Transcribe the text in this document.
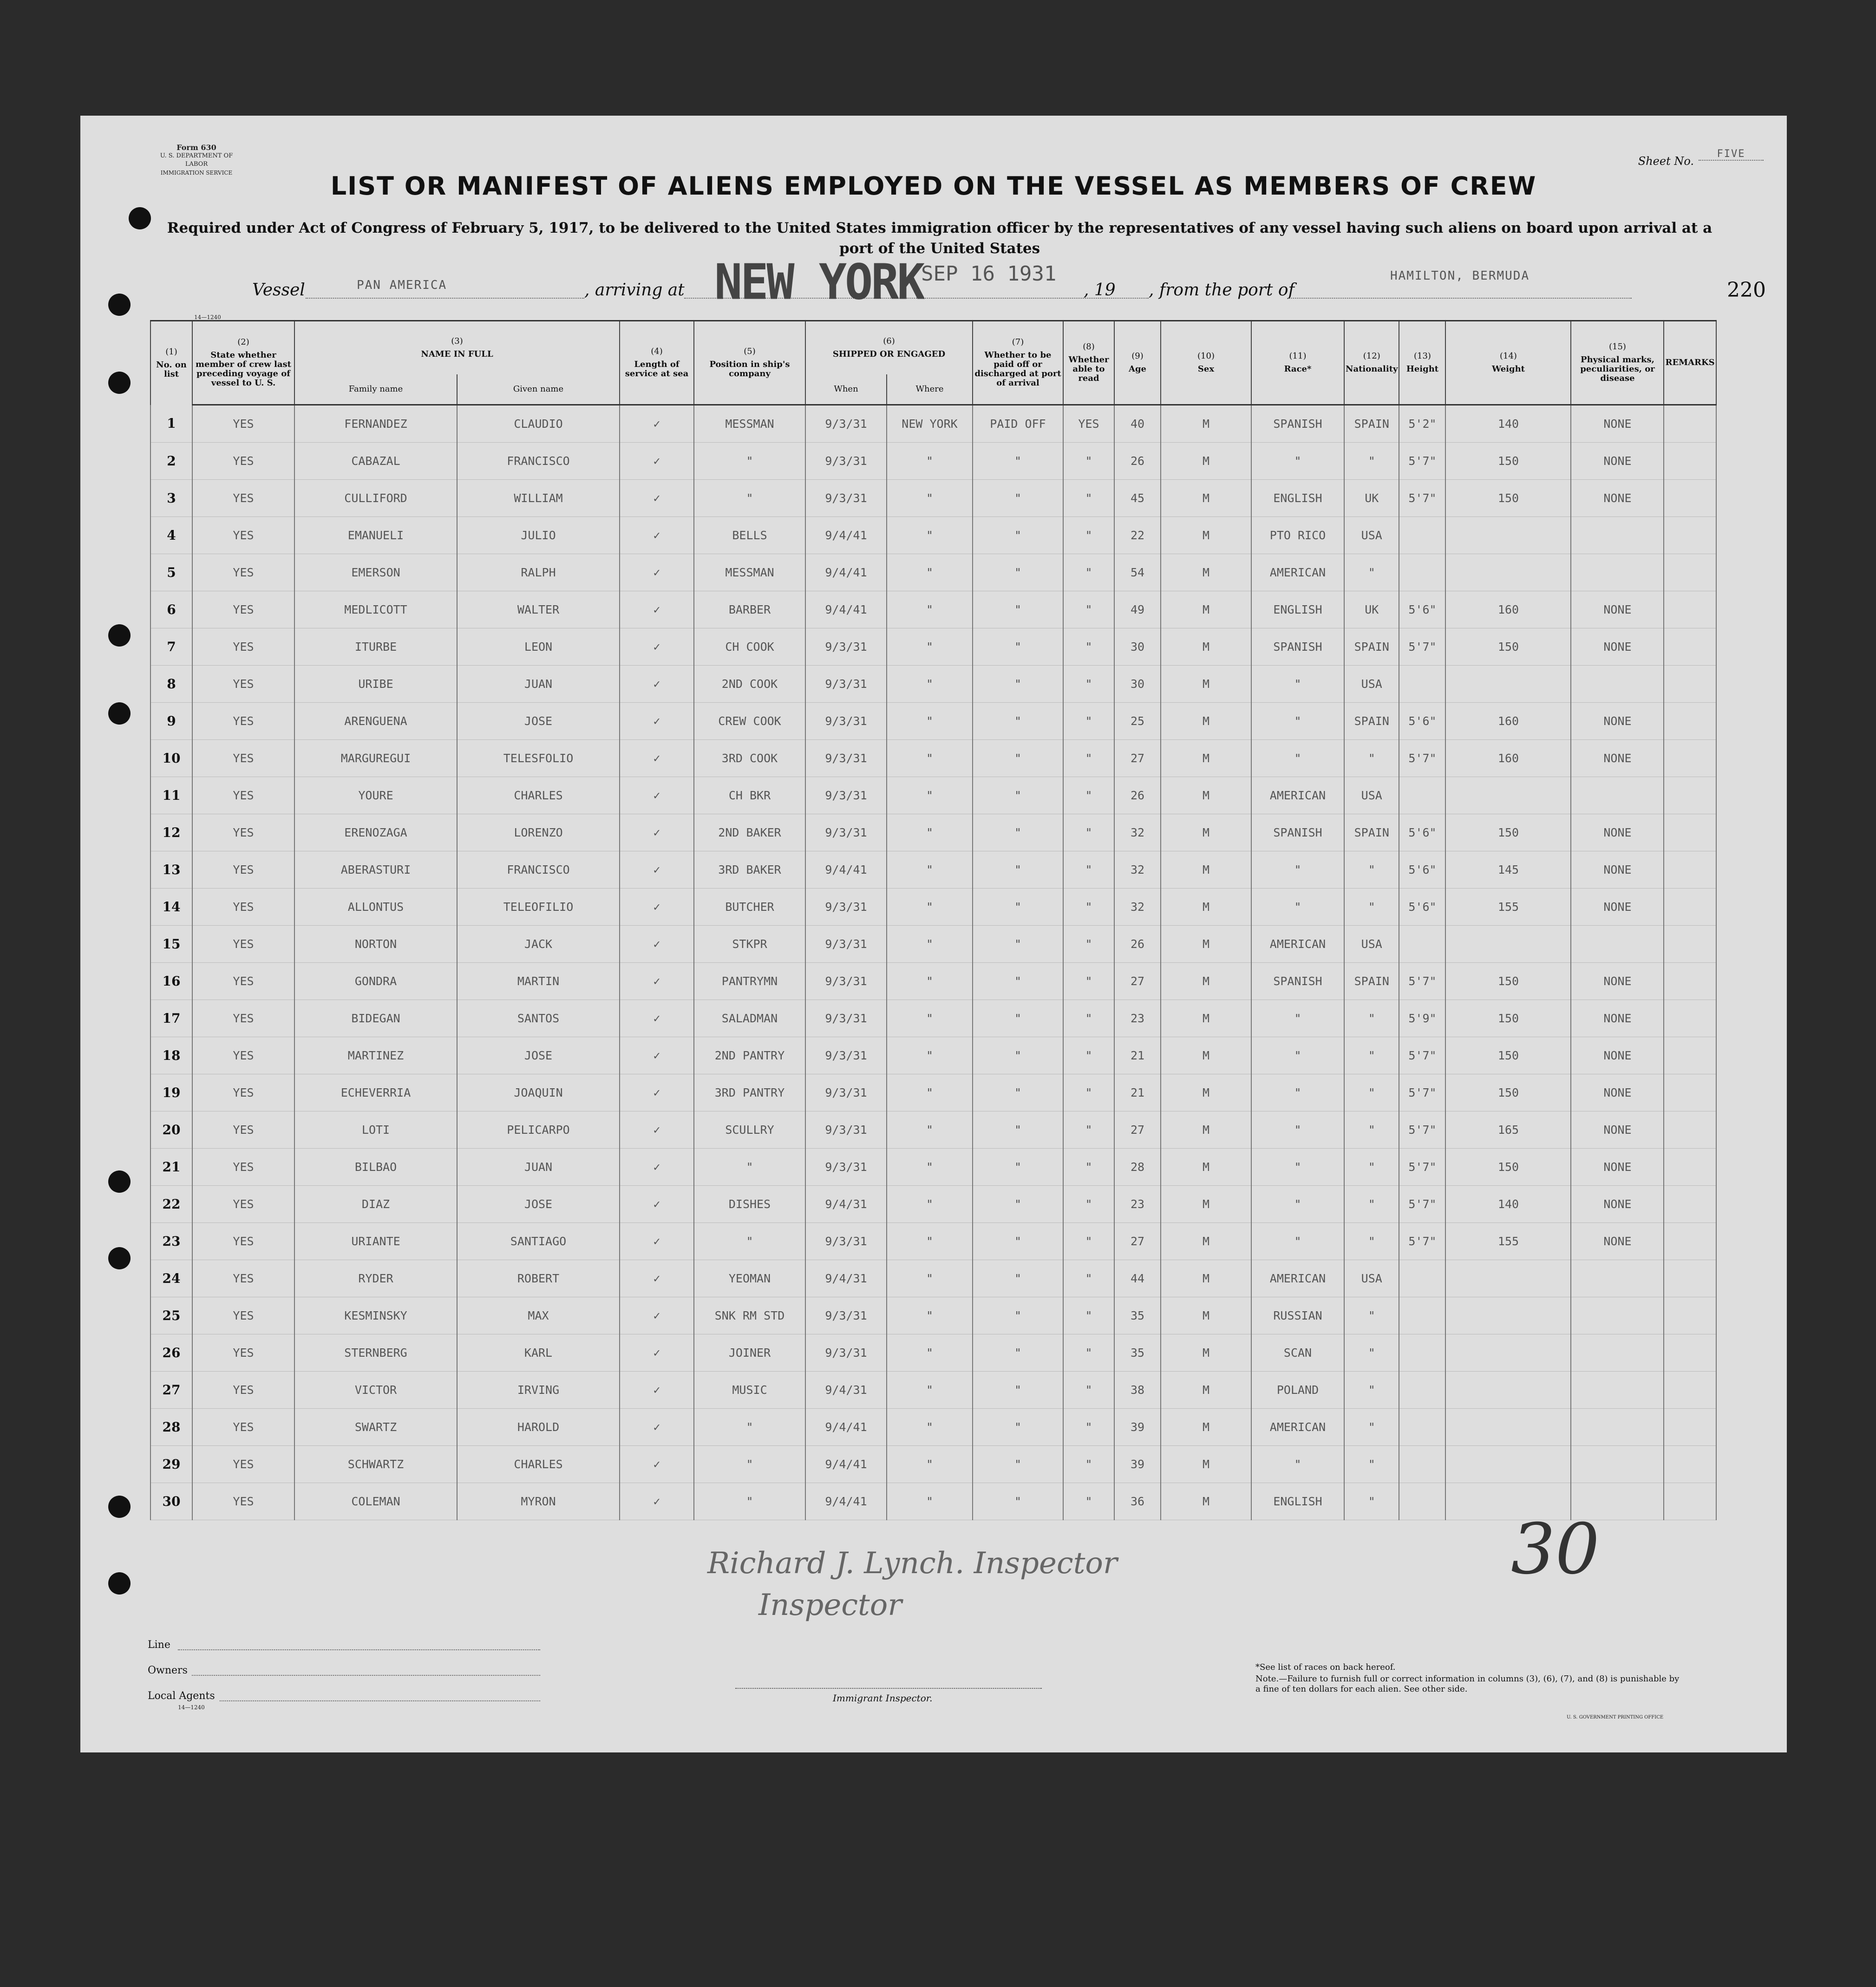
Form 630
U. S. DEPARTMENT OF LABOR
IMMIGRATION SERVICE
Sheet No.
FIVE
LIST OR MANIFEST OF ALIENS EMPLOYED ON THE VESSEL AS MEMBERS OF CREW
Required under Act of Congress of February 5, 1917, to be delivered to the United States immigration officer by the representatives of any vessel having such aliens on board upon arrival at a port of the United States
Vessel	PAN AMERICA	, arriving at NEW YORK
SEP 16 1931
, 19 , from the port of
HAMILTON, BERMUDA
220
14—1240
(1)
No. on list	(2)
State whether member of crew last preceding voyage of vessel to U. S.	(3)
NAME IN FULL		(4)
Length of service at sea	(5)
Position in ship's company	(6)
SHIPPED OR ENGAGED		(7)
Whether to be paid off or discharged at port of arrival	(8)
Whether able to read	(9)
Age	(10)
Sex	(11)
Race*	(12)
Nationality	(13)
Height	(14)
Weight	(15)
Physical marks, peculiarities, or disease	REMARKS
		Family name	Given name			When	Where										
1	YES	FERNANDEZ	CLAUDIO	✓	MESSMAN	9/3/31	NEW YORK	PAID OFF	YES	40	M	SPANISH	SPAIN	5'2"	140	NONE	
2	YES	CABAZAL	FRANCISCO	✓	"	9/3/31	"	"	"	26	M	"	"	5'7"	150	NONE	
3	YES	CULLIFORD	WILLIAM	✓	"	9/3/31	"	"	"	45	M	ENGLISH	UK	5'7"	150	NONE	
4	YES	EMANUELI	JULIO	✓	BELLS	9/4/41	"	"	"	22	M	PTO RICO	USA				
5	YES	EMERSON	RALPH	✓	MESSMAN	9/4/41	"	"	"	54	M	AMERICAN	"				
6	YES	MEDLICOTT	WALTER	✓	BARBER	9/4/41	"	"	"	49	M	ENGLISH	UK	5'6"	160	NONE	
7	YES	ITURBE	LEON	✓	CH COOK	9/3/31	"	"	"	30	M	SPANISH	SPAIN	5'7"	150	NONE	
8	YES	URIBE	JUAN	✓	2ND COOK	9/3/31	"	"	"	30	M	"	USA				
9	YES	ARENGUENA	JOSE	✓	CREW COOK	9/3/31	"	"	"	25	M	"	SPAIN	5'6"	160	NONE	
10	YES	MARGUREGUI	TELESFOLIO	✓	3RD COOK	9/3/31	"	"	"	27	M	"	"	5'7"	160	NONE	
11	YES	YOURE	CHARLES	✓	CH BKR	9/3/31	"	"	"	26	M	AMERICAN	USA				
12	YES	ERENOZAGA	LORENZO	✓	2ND BAKER	9/3/31	"	"	"	32	M	SPANISH	SPAIN	5'6"	150	NONE	
13	YES	ABERASTURI	FRANCISCO	✓	3RD BAKER	9/4/41	"	"	"	32	M	"	"	5'6"	145	NONE	
14	YES	ALLONTUS	TELEOFILIO	✓	BUTCHER	9/3/31	"	"	"	32	M	"	"	5'6"	155	NONE	
15	YES	NORTON	JACK	✓	STKPR	9/3/31	"	"	"	26	M	AMERICAN	USA				
16	YES	GONDRA	MARTIN	✓	PANTRYMN	9/3/31	"	"	"	27	M	SPANISH	SPAIN	5'7"	150	NONE	
17	YES	BIDEGAN	SANTOS	✓	SALADMAN	9/3/31	"	"	"	23	M	"	"	5'9"	150	NONE	
18	YES	MARTINEZ	JOSE	✓	2ND PANTRY	9/3/31	"	"	"	21	M	"	"	5'7"	150	NONE	
19	YES	ECHEVERRIA	JOAQUIN	✓	3RD PANTRY	9/3/31	"	"	"	21	M	"	"	5'7"	150	NONE	
20	YES	LOTI	PELICARPO	✓	SCULLRY	9/3/31	"	"	"	27	M	"	"	5'7"	165	NONE	
21	YES	BILBAO	JUAN	✓	"	9/3/31	"	"	"	28	M	"	"	5'7"	150	NONE	
22	YES	DIAZ	JOSE	✓	DISHES	9/4/31	"	"	"	23	M	"	"	5'7"	140	NONE	
23	YES	URIANTE	SANTIAGO	✓	"	9/3/31	"	"	"	27	M	"	"	5'7"	155	NONE	
24	YES	RYDER	ROBERT	✓	YEOMAN	9/4/31	"	"	"	44	M	AMERICAN	USA				
25	YES	KESMINSKY	MAX	✓	SNK RM STD	9/3/31	"	"	"	35	M	RUSSIAN	"				
26	YES	STERNBERG	KARL	✓	JOINER	9/3/31	"	"	"	35	M	SCAN	"				
27	YES	VICTOR	IRVING	✓	MUSIC	9/4/31	"	"	"	38	M	POLAND	"				
28	YES	SWARTZ	HAROLD	✓	"	9/4/41	"	"	"	39	M	AMERICAN	"				
29	YES	SCHWARTZ	CHARLES	✓	"	9/4/41	"	"	"	39	M	"	"				
30	YES	COLEMAN	MYRON	✓	"	9/4/41	"	"	"	36	M	ENGLISH	"				
30
Richard J. Lynch. Inspector
Inspector
Line
Owners
Local Agents
14—1240
Immigrant Inspector.
*See list of races on back hereof.
Note.—Failure to furnish full or correct information in columns (3), (6), (7), and (8) is punishable by a fine of ten dollars for each alien. See other side.
U. S. GOVERNMENT PRINTING OFFICE
